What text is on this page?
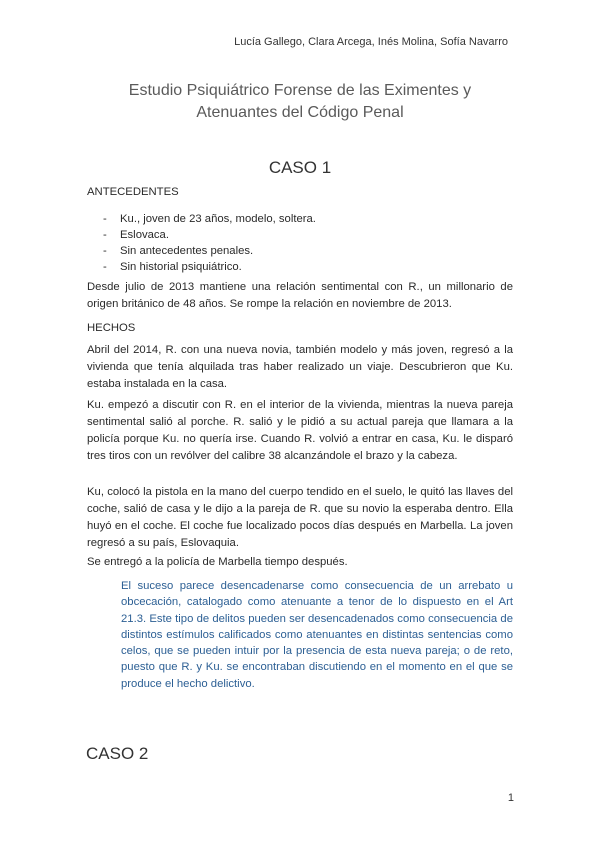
Lucía Gallego, Clara Arcega, Inés Molina, Sofía Navarro
Estudio Psiquiátrico Forense de las Eximentes y
Atenuantes del Código Penal
CASO 1
ANTECEDENTES
- Ku., joven de 23 años, modelo, soltera.
- Eslovaca.
- Sin antecedentes penales.
- Sin historial psiquiátrico.

Desde julio de 2013 mantiene una relación sentimental con R., un millonario de origen británico de 48 años. Se rompe la relación en noviembre de 2013.

HECHOS

Abril del 2014, R. con una nueva novia, también modelo y más joven, regresó a la vivienda que tenía alquilada tras haber realizado un viaje. Descubrieron que Ku. estaba instalada en la casa.

Ku. empezó a discutir con R. en el interior de la vivienda, mientras la nueva pareja sentimental salió al porche. R. salió y le pidió a su actual pareja que llamara a la policía porque Ku. no quería irse. Cuando R. volvió a entrar en casa, Ku. le disparó tres tiros con un revólver del calibre 38 alcanzándole el brazo y la cabeza.

Ku, colocó la pistola en la mano del cuerpo tendido en el suelo, le quitó las llaves del coche, salió de casa y le dijo a la pareja de R. que su novio la esperaba dentro. Ella huyó en el coche. El coche fue localizado pocos días después en Marbella. La joven regresó a su país, Eslovaquia.

Se entregó a la policía de Marbella tiempo después.

El suceso parece desencadenarse como consecuencia de un arrebato u obcecación, catalogado como atenuante a tenor de lo dispuesto en el Art 21.3. Este tipo de delitos pueden ser desencadenados como consecuencia de distintos estímulos calificados como atenuantes en distintas sentencias como celos, que se pueden intuir por la presencia de esta nueva pareja; o de reto, puesto que R. y Ku. se encontraban discutiendo en el momento en el que se produce el hecho delictivo.
CASO 2
1
